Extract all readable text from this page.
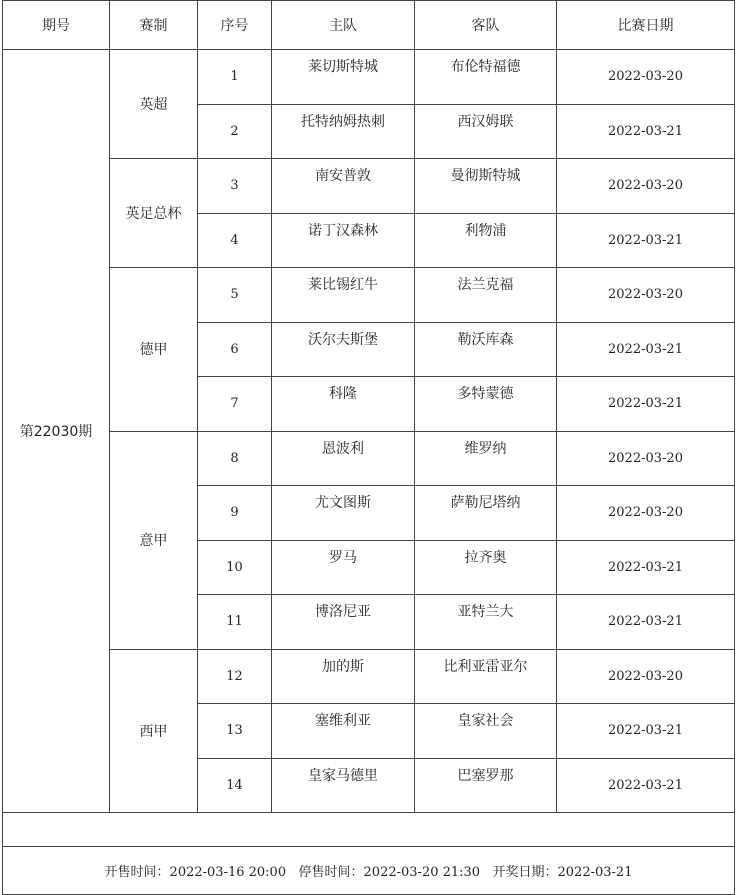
期号	赛制	序号	主队	客队	比赛日期
第22030期	英超	1	莱切斯特城	布伦特福德	2022-03-20
		2	托特纳姆热刺	西汉姆联	2022-03-21
	英足总杯	3	南安普敦	曼彻斯特城	2022-03-20
		4	诺丁汉森林	利物浦	2022-03-21
	德甲	5	莱比锡红牛	法兰克福	2022-03-20
		6	沃尔夫斯堡	勒沃库森	2022-03-21
		7	科隆	多特蒙德	2022-03-21
	意甲	8	恩波利	维罗纳	2022-03-20
		9	尤文图斯	萨勒尼塔纳	2022-03-20
		10	罗马	拉齐奥	2022-03-21
		11	博洛尼亚	亚特兰大	2022-03-21
	西甲	12	加的斯	比利亚雷亚尔	2022-03-20
		13	塞维利亚	皇家社会	2022-03-21
		14	皇家马德里	巴塞罗那	2022-03-21

开售时间：2022-03-16 20:00 停售时间：2022-03-20 21:30 开奖日期：2022-03-21					
